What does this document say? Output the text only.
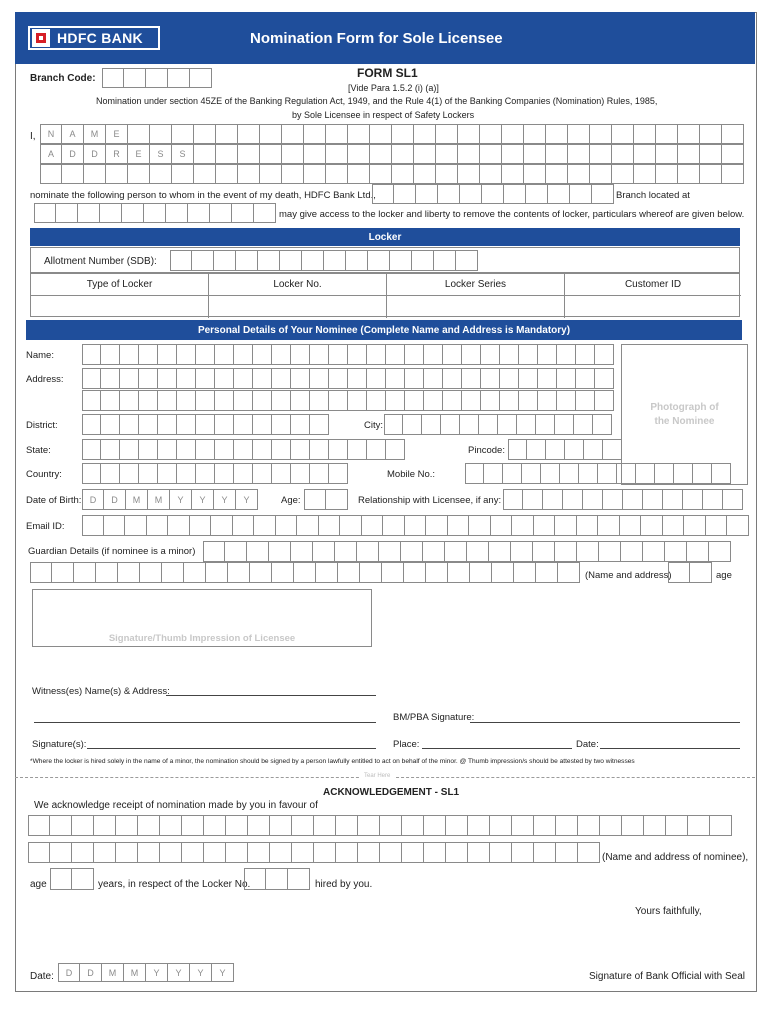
HDFC BANK	Nomination Form for Sole Licensee
FORM SL1
[Vide Para 1.5.2 (i) (a)]
Nomination under section 45ZE of the Banking Regulation Act, 1949, and the Rule 4(1) of the Banking Companies (Nomination) Rules, 1985,
by Sole Licensee in respect of Safety Lockers
Branch Code:
I,	N	A	M	E
A	D	D	R	E	S	S
nominate the following person to whom in the event of my death, HDFC Bank Ltd.,	Branch located at
may give access to the locker and liberty to remove the contents of locker, particulars whereof are given below.
Locker
Allotment Number (SDB):
Type of Locker	Locker No.	Locker Series	Customer ID
Personal Details of Your Nominee (Complete Name and Address is Mandatory)
Name:
Address:
District:	City:
State:	Pincode:
Country:	Mobile No.:
Date of Birth: D	D	M	M	Y	Y	Y	Y	Age:	Relationship with Licensee, if any:
Email ID:
Photograph of
the Nominee
Guardian Details (if nominee is a minor)
(Name and address)	age
Signature/Thumb Impression of Licensee
Witness(es) Name(s) & Address:
BM/PBA Signature:
Signature(s):	Place:	Date:
*Where the locker is hired solely in the name of a minor, the nomination should be signed by a person lawfully entitled to act on behalf of the minor. @ Thumb impression/s should be attested by two witnesses
Tear Here
ACKNOWLEDGEMENT - SL1
We acknowledge receipt of nomination made by you in favour of
(Name and address of nominee),
age	years, in respect of the Locker No.	hired by you.
Yours faithfully,
Date:	D	D	M	M	Y	Y	Y	Y	Signature of Bank Official with Seal
